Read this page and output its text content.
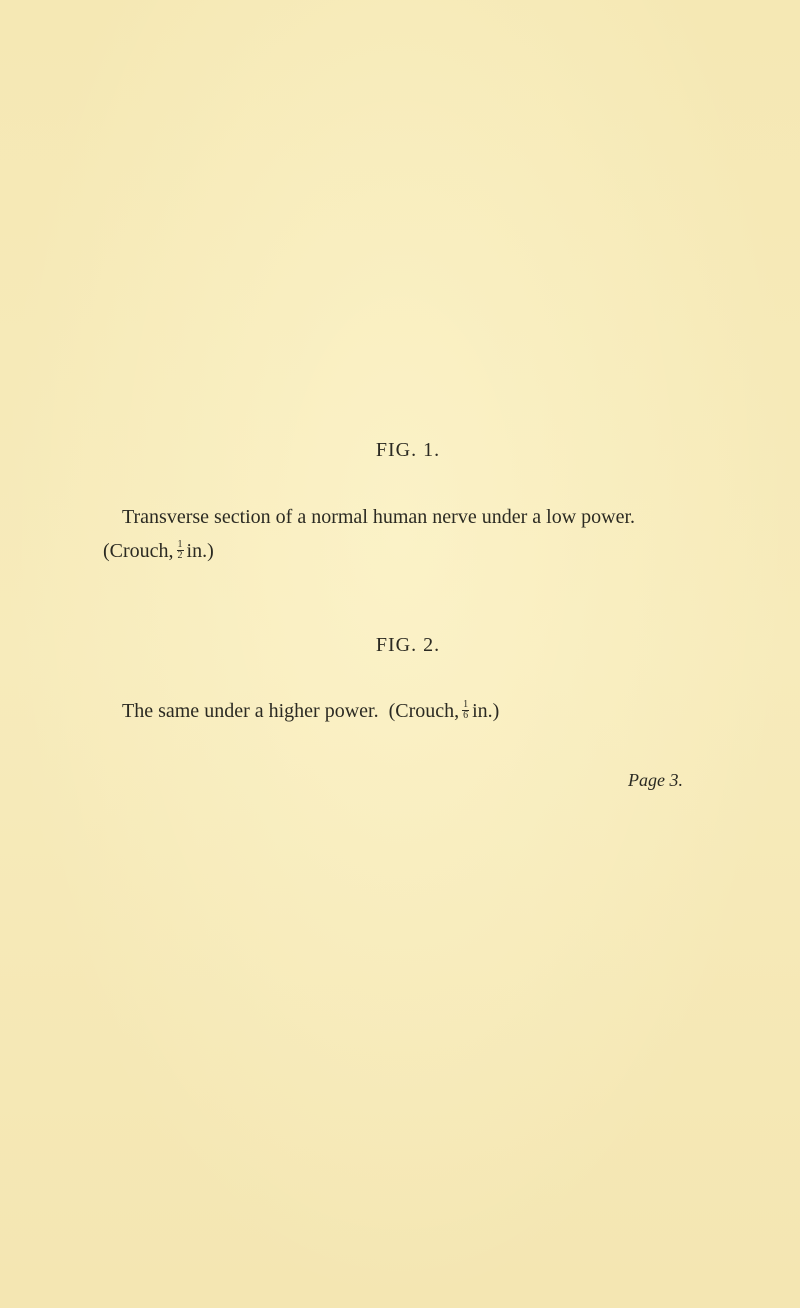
FIG. 1.
Transverse section of a normal human nerve under a low power.
(Crouch, $\frac{1}{2} in$.)
FIG. 2.
The same under a higher power.  (Crouch, $\frac{1}{6} in$.)
Page 3.
